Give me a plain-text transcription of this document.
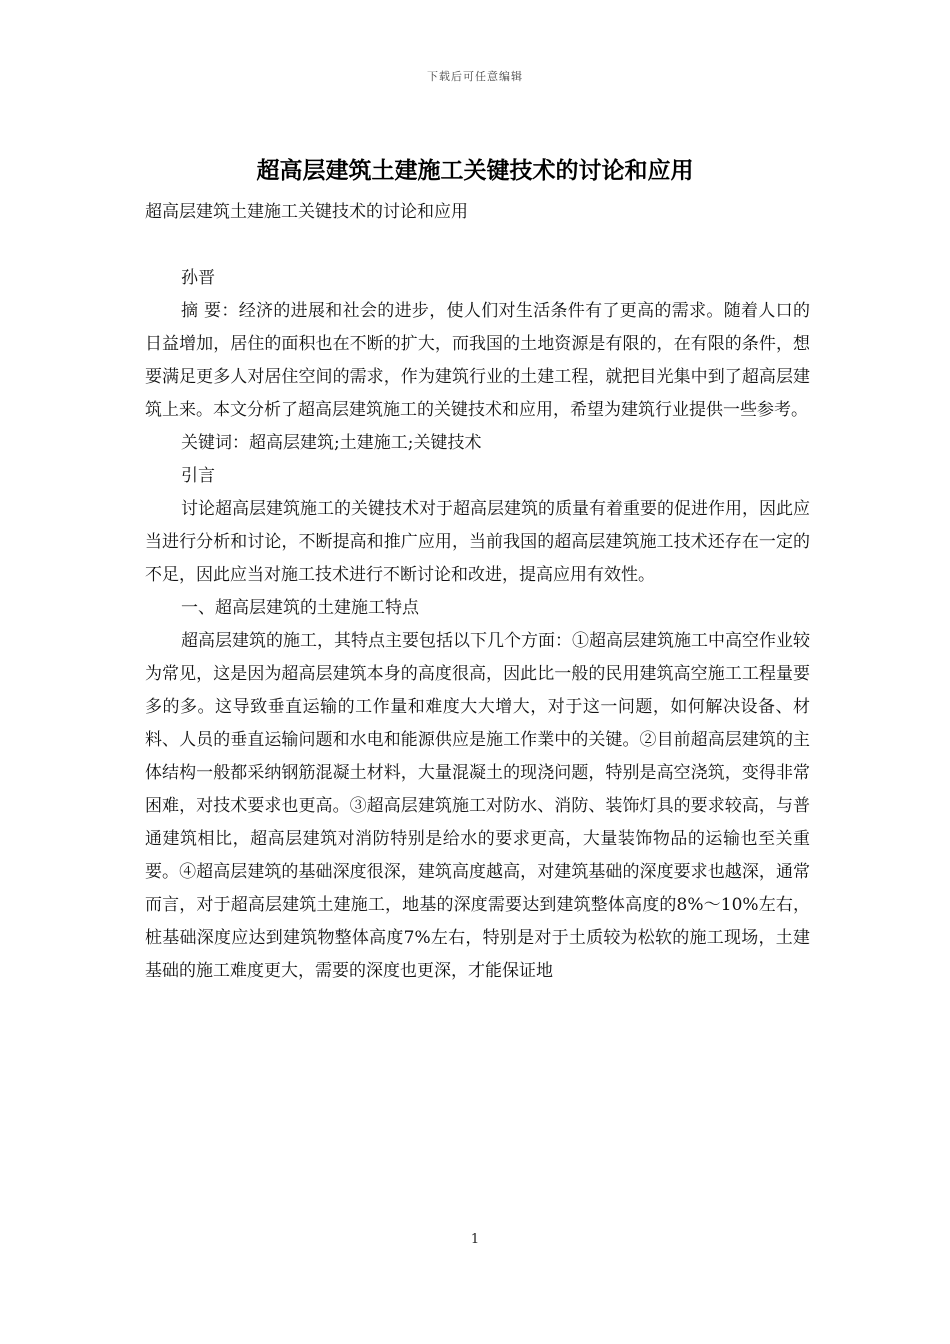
下载后可任意编辑
超高层建筑土建施工关键技术的讨论和应用

超高层建筑土建施工关键技术的讨论和应用

孙晋

摘 要：经济的进展和社会的进步，使人们对生活条件有了更高的需求。随着人口的日益增加，居住的面积也在不断的扩大，而我国的土地资源是有限的，在有限的条件，想要满足更多人对居住空间的需求，作为建筑行业的土建工程，就把目光集中到了超高层建筑上来。本文分析了超高层建筑施工的关键技术和应用，希望为建筑行业提供一些参考。

关键词：超高层建筑;土建施工;关键技术

引言

讨论超高层建筑施工的关键技术对于超高层建筑的质量有着重要的促进作用，因此应当进行分析和讨论，不断提高和推广应用，当前我国的超高层建筑施工技术还存在一定的不足，因此应当对施工技术进行不断讨论和改进，提高应用有效性。

一、超高层建筑的土建施工特点

超高层建筑的施工，其特点主要包括以下几个方面：①超高层建筑施工中高空作业较为常见，这是因为超高层建筑本身的高度很高，因此比一般的民用建筑高空施工工程量要多的多。这导致垂直运输的工作量和难度大大增大，对于这一问题，如何解决设备、材料、人员的垂直运输问题和水电和能源供应是施工作業中的关键。②目前超高层建筑的主体结构一般都采纳钢筋混凝土材料，大量混凝土的现浇问题，特别是高空浇筑，变得非常困难，对技术要求也更高。③超高层建筑施工对防水、消防、装饰灯具的要求较高，与普通建筑相比，超高层建筑对消防特别是给水的要求更高，大量装饰物品的运输也至关重要。④超高层建筑的基础深度很深，建筑高度越高，对建筑基础的深度要求也越深，通常而言，对于超高层建筑土建施工，地基的深度需要达到建筑整体高度的8%～10%左右，桩基础深度应达到建筑物整体高度7%左右，特别是对于土质较为松软的施工现场，土建基础的施工难度更大，需要的深度也更深，才能保证地

1
